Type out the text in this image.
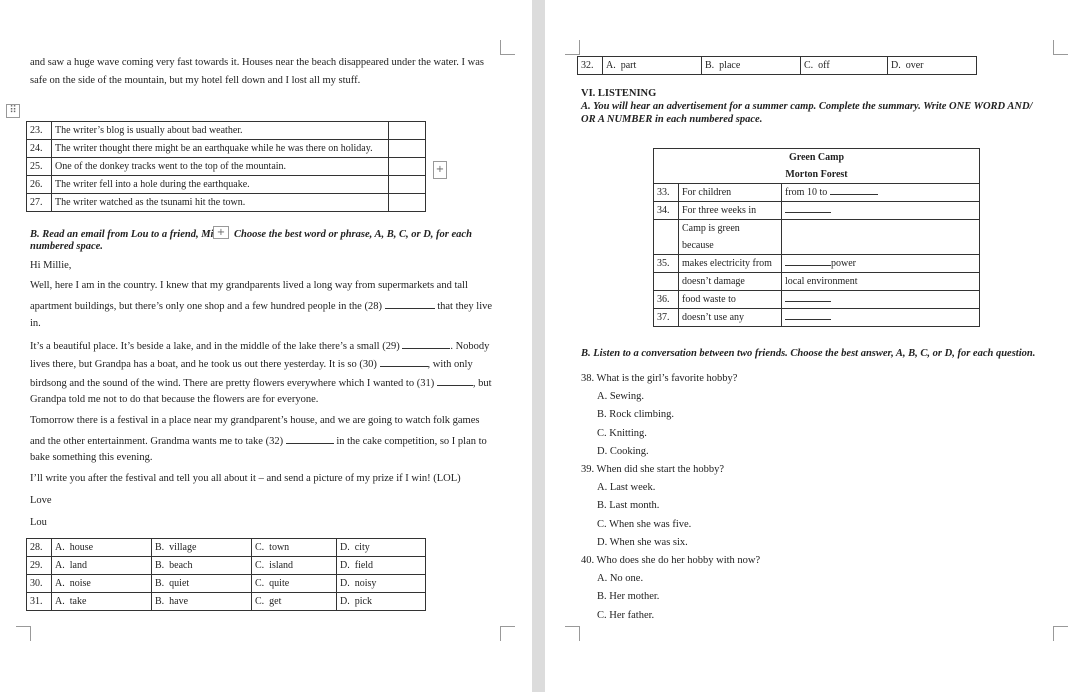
and saw a huge wave coming very fast towards it. Houses near the beach disappeared under the water. I was
safe on the side of the mountain, but my hotel fell down and I lost all my stuff.
⠿
23.	The writer’s blog is usually about bad weather.	
24.	The writer thought there might be an earthquake while he was there on holiday.	
25.	One of the donkey tracks went to the top of the mountain.	
26.	The writer fell into a hole during the earthquake.	
27.	The writer watched as the tsunami hit the town.	
+
B. Read an email from Lou to a friend, Mi + Choose the best word or phrase, A, B, C, or D, for each
numbered space.
Hi Millie,
Well, here I am in the country. I knew that my grandparents lived a long way from supermarkets and tall
apartment buildings, but there’s only one shop and a few hundred people in the (28)	that they live
in.
It’s a beautiful place. It’s beside a lake, and in the middle of the lake there’s a small (29)	. Nobody
lives there, but Grandpa has a boat, and he took us out there yesterday. It is so (30)	, with only
birdsong and the sound of the wind. There are pretty flowers everywhere which I wanted to (31)	, but
Grandpa told me not to do that because the flowers are for everyone.
Tomorrow there is a festival in a place near my grandparent’s house, and we are going to watch folk games
and the other entertainment. Grandma wants me to take (32)	in the cake competition, so I plan to
bake something this evening.
I’ll write you after the festival and tell you all about it – and send a picture of my prize if I win! (LOL)
Love
Lou
28.	A. house	B. village	C. town	D. city
29.	A. land	B. beach	C. island	D. field
30.	A. noise	B. quiet	C. quite	D. noisy
31.	A. take	B. have	C. get	D. pick
32.	A. part	B. place	C. off	D. over
VI. LISTENING
A. You will hear an advertisement for a summer camp. Complete the summary. Write ONE WORD AND/
OR A NUMBER in each numbered space.
Green Camp		
Morton Forest		
33.	For children	from 10 to
34.	For three weeks in	
	Camp is green	
	because	
35.	makes electricity from	power
	doesn’t damage	local environment
36.	food waste to	
37.	doesn’t use any	
B. Listen to a conversation between two friends. Choose the best answer, A, B, C, or D, for each question.
38. What is the girl’s favorite hobby?
A. Sewing.
B. Rock climbing.
C. Knitting.
D. Cooking.
39. When did she start the hobby?
A. Last week.
B. Last month.
C. When she was five.
D. When she was six.
40. Who does she do her hobby with now?
A. No one.
B. Her mother.
C. Her father.
